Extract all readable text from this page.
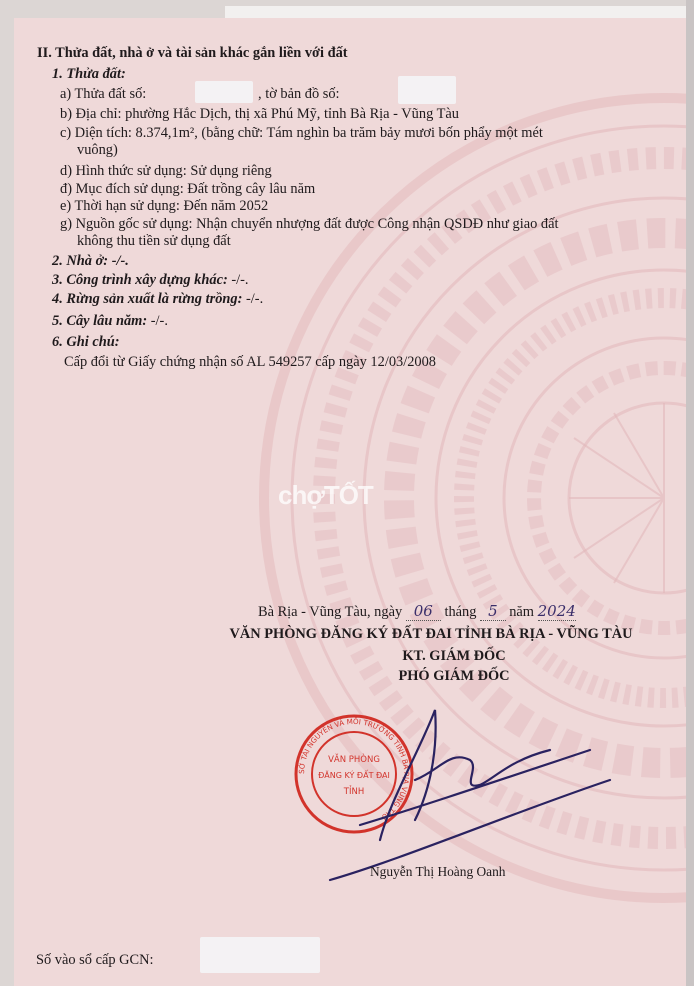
chợTỐT
II. Thửa đất, nhà ở và tài sản khác gắn liền với đất
1. Thửa đất:
a) Thửa đất số:	, tờ bản đồ số:
b) Địa chỉ: phường Hắc Dịch, thị xã Phú Mỹ, tỉnh Bà Rịa - Vũng Tàu
c) Diện tích: 8.374,1m², (bằng chữ: Tám nghìn ba trăm bảy mươi bốn phẩy một mét
vuông)
d) Hình thức sử dụng: Sử dụng riêng
đ) Mục đích sử dụng: Đất trồng cây lâu năm
e) Thời hạn sử dụng: Đến năm 2052
g) Nguồn gốc sử dụng: Nhận chuyển nhượng đất được Công nhận QSDĐ như giao đất
không thu tiền sử dụng đất
2. Nhà ở: -/-.
3. Công trình xây dựng khác: -/-.
4. Rừng sản xuất là rừng trồng: -/-.
5. Cây lâu năm: -/-.
6. Ghi chú:
Cấp đổi từ Giấy chứng nhận số AL 549257 cấp ngày 12/03/2008
Bà Rịa - Vũng Tàu, ngày 06 tháng 5 năm 2024
VĂN PHÒNG ĐĂNG KÝ ĐẤT ĐAI TỈNH BÀ RỊA - VŨNG TÀU
KT. GIÁM ĐỐC
PHÓ GIÁM ĐỐC
SỞ TÀI NGUYÊN VÀ MÔI TRƯỜNG TỈNH BÀ RỊA VŨNG TÀU
VĂN PHÒNG
ĐĂNG KÝ ĐẤT ĐAI
TỈNH
Nguyễn Thị Hoàng Oanh
Số vào sổ cấp GCN:
